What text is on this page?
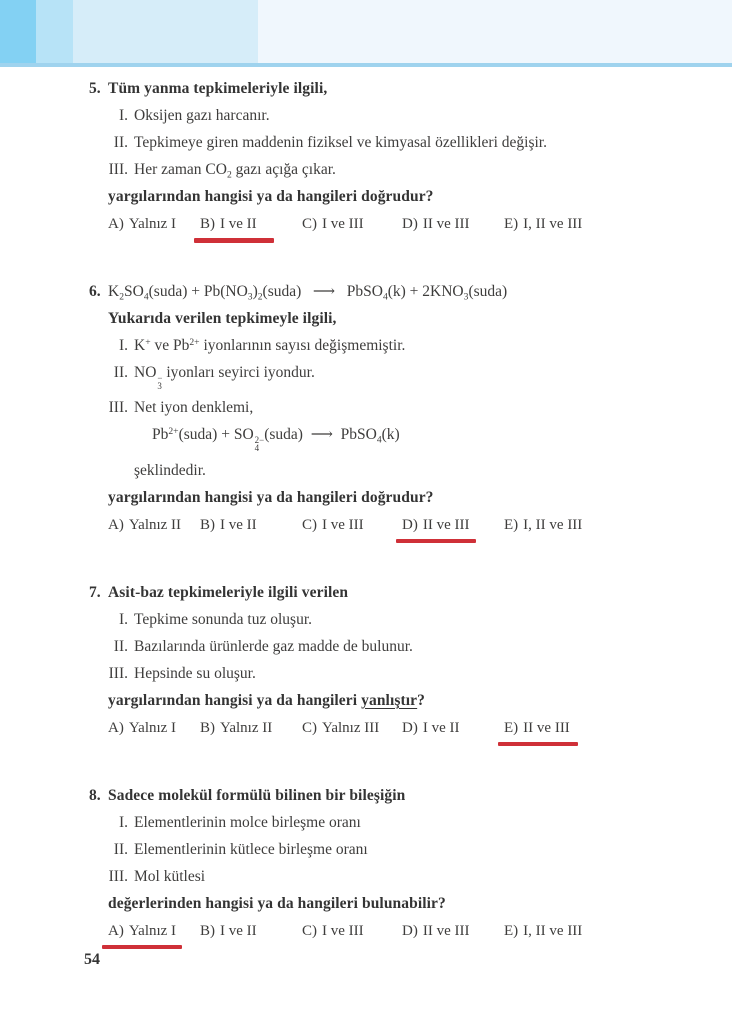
5. Tüm yanma tepkimeleriyle ilgili,
I. Oksijen gazı harcanır.
II. Tepkimeye giren maddenin fiziksel ve kimyasal özellikleri değişir.
III. Her zaman $CO_2$ gazı açığa çıkar.
yargılarından hangisi ya da hangileri doğrudur?
A) Yalnız I	B) I ve II	C) I ve III	D) II ve III	E) I, II ve III
6. $K_2SO_4(suda)$ + $Pb(NO_3)_2(suda)$   ⟶   PbSO$_4$(k) + $2KNO_3(suda)$
Yukarıda verilen tepkimeyle ilgili,
I. K+ ve $Pb^{2+}$ iyonlarının sayısı değişmemiştir.
II. NO −
3
iyonları seyirci iyondur.
III. Net iyon denklemi,
$Pb^{2+}(suda)$ + SO 2−
4
(suda)  ⟶  PbSO$_4$(k)
şeklindedir.
yargılarından hangisi ya da hangileri doğrudur?
A) Yalnız II	B) I ve II	C) I ve III	D) II ve III	E) I, II ve III
7. Asit-baz tepkimeleriyle ilgili verilen
I. Tepkime sonunda tuz oluşur.
II. Bazılarında ürünlerde gaz madde de bulunur.
III. Hepsinde su oluşur.
yargılarından hangisi ya da hangileri yanlıştır?
A) Yalnız I	B) Yalnız II	C) Yalnız III	D) I ve II	E) II ve III
8. Sadece molekül formülü bilinen bir bileşiğin
I. Elementlerinin molce birleşme oranı
II. Elementlerinin kütlece birleşme oranı
III. Mol kütlesi
değerlerinden hangisi ya da hangileri bulunabilir?
A) Yalnız I	B) I ve II	C) I ve III	D) II ve III	E) I, II ve III
54
